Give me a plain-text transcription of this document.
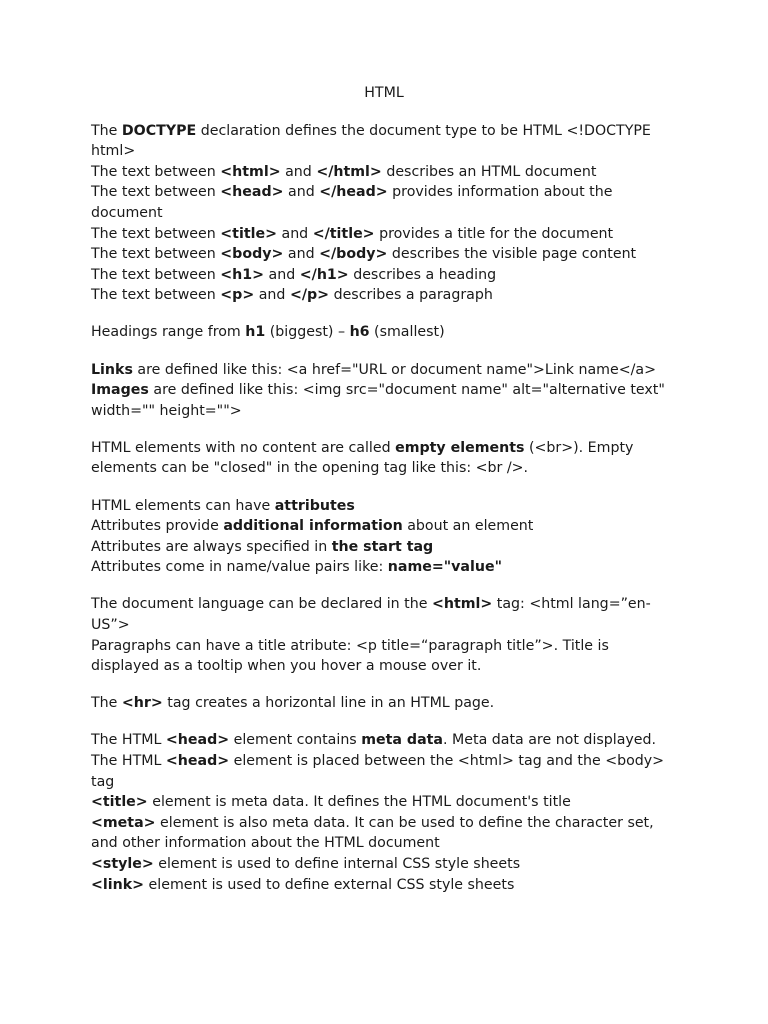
HTML
The DOCTYPE declaration defines the document type to be HTML <!DOCTYPE html>
The text between <html> and </html> describes an HTML document
The text between <head> and </head> provides information about the document
The text between <title> and </title> provides a title for the document
The text between <body> and </body> describes the visible page content
The text between <h1> and </h1> describes a heading
The text between <p> and </p> describes a paragraph
Headings range from h1 (biggest) – h6 (smallest)
Links are defined like this: <a href="URL or document name">Link name</a>
Images are defined like this: <img src="document name" alt="alternative text" width="" height="">
HTML elements with no content are called empty elements (<br>). Empty elements can be "closed" in the opening tag like this: <br />.
HTML elements can have attributes
Attributes provide additional information about an element
Attributes are always specified in the start tag
Attributes come in name/value pairs like: name="value"
The document language can be declared in the <html> tag: <html lang=”en-US”>
Paragraphs can have a title atribute: <p title=“paragraph title”>. Title is displayed as a tooltip when you hover a mouse over it.
The <hr> tag creates a horizontal line in an HTML page.
The HTML <head> element contains meta data. Meta data are not displayed.
The HTML <head> element is placed between the <html> tag and the <body> tag
<title> element is meta data. It defines the HTML document's title
<meta> element is also meta data. It can be used to define the character set, and other information about the HTML document
<style> element is used to define internal CSS style sheets
<link> element is used to define external CSS style sheets
